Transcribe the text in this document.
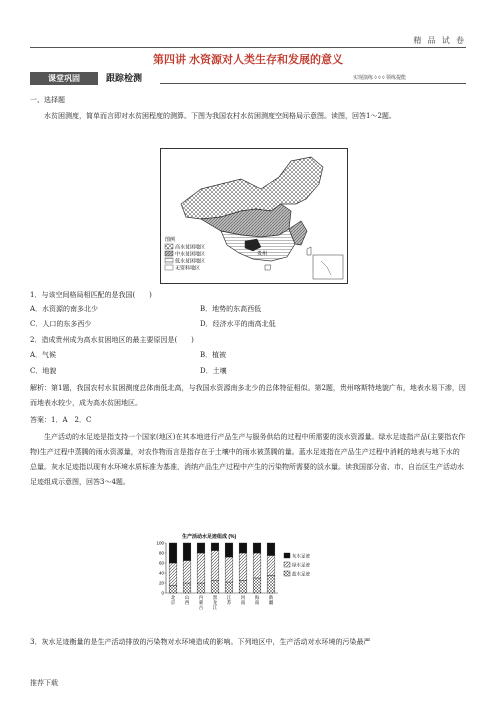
精 品 试 卷
第四讲 水资源对人类生存和发展的意义
课堂巩固	跟踪检测	实现演练 ◊ ◊ ◊ 领练提能
一、选择题
水贫困测度，简单而言即对水贫困程度的测算。下图为我国农村水贫困测度空间格局示意图。读图，回答1～2题。
图例
高水贫困地区
中水贫困地区
低水贫困地区
无资料地区
贵州
1．与该空间格局相匹配的是我国(　　)
A．水资源的南多北少	B．地势的东高西低
C．人口的东多西少	D．经济水平的南高北低
2．造成贵州成为高水贫困地区的最主要原因是(　　)
A．气候	B．植被
C．地貌	D．土壤
解析：第1题，我国农村水贫困测度总体南低北高，与我国水资源南多北少的总体特征相似。第2题，贵州喀斯特地貌广布，地表水易下渗，因而地表水较少，成为高水贫困地区。
答案：1．A　2．C
生产活动的水足迹是指支持一个国家(地区)在其本地进行产品生产与服务供给的过程中所需要的淡水资源量。绿水足迹指产品(主要指农作物)生产过程中蒸腾的雨水资源量，对农作物而言是指存在于土壤中的雨水被蒸腾的量。蓝水足迹指在产品生产过程中消耗的地表与地下水的总量。灰水足迹指以现有水环境水质标准为基准，消纳产品生产过程中产生的污染物所需要的淡水量。读我国部分省、市、自治区生产活动水足迹组成示意图，回答3～4题。
生产活动水足迹组成 (%)
0
20
40
60
80
100
北
京
山
西
内
蒙
古
黑
龙
江
江
苏
河
南
海
南
新
疆
灰水足迹
绿水足迹
蓝水足迹
3．灰水足迹衡量的是生产活动排放的污染物对水环境造成的影响。下列地区中，生产活动对水环境的污染最严
推荐下载
